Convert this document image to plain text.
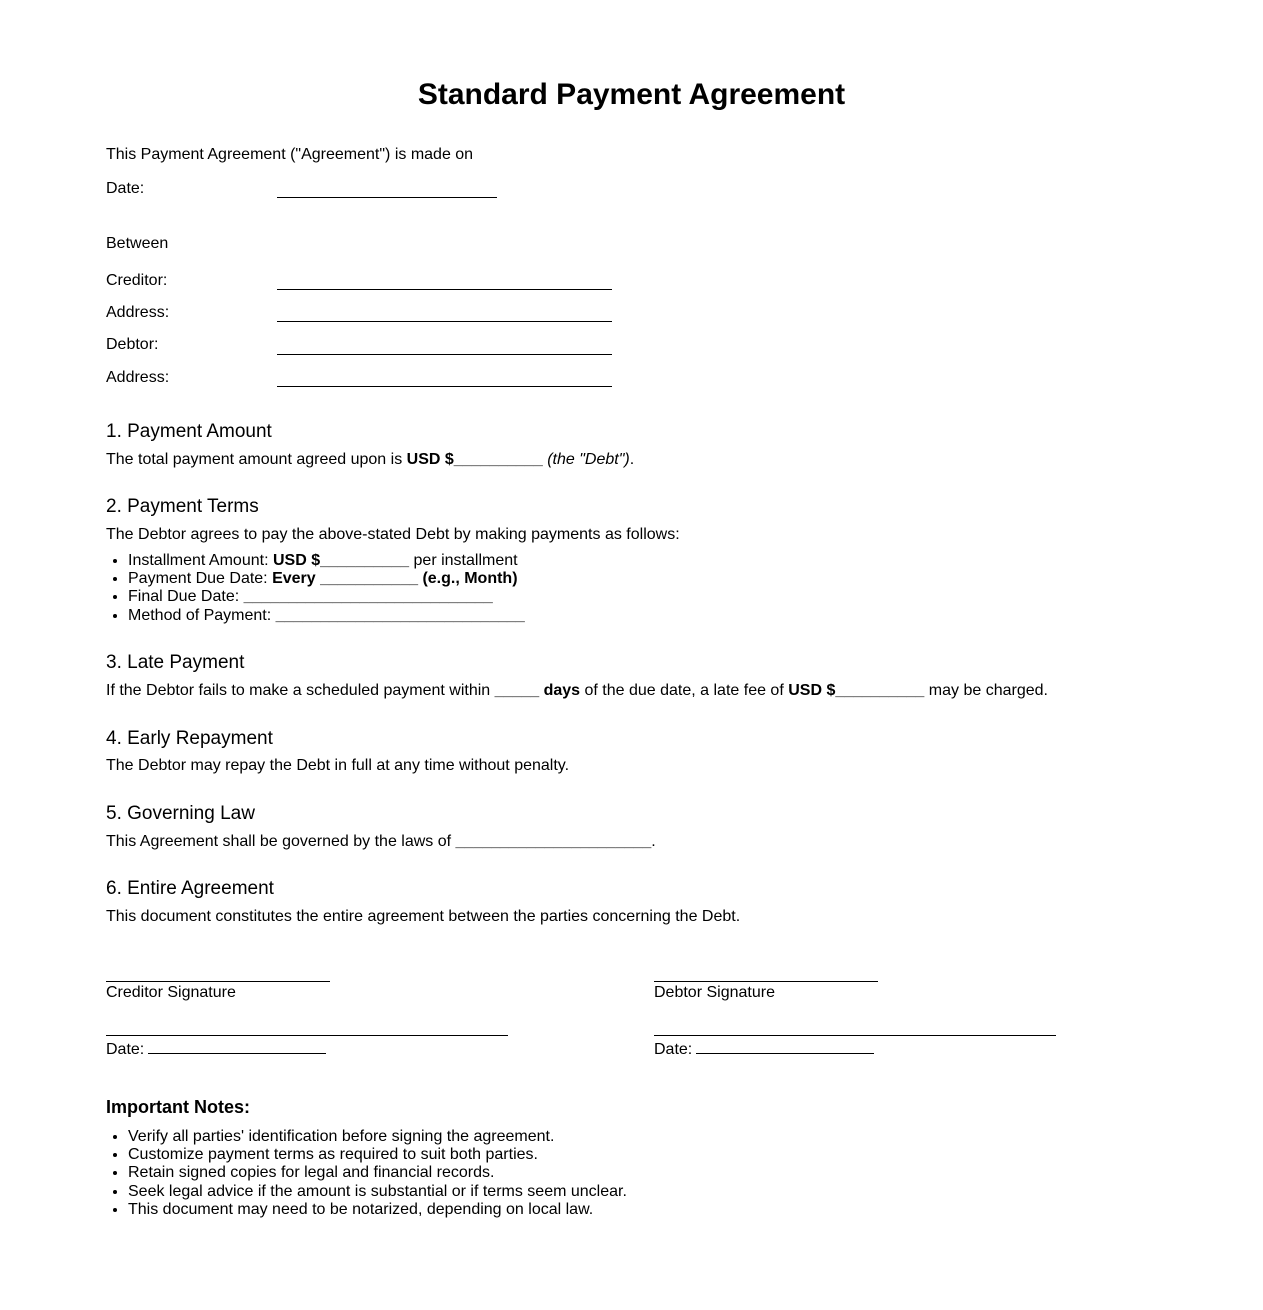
Standard Payment Agreement

This Payment Agreement ("Agreement") is made on

Date:

Between

Creditor:
Address:
Debtor:
Address:
1. Payment Amount

The total payment amount agreed upon is USD $__________ (the "Debt").

2. Payment Terms

The Debtor agrees to pay the above-stated Debt by making payments as follows:

• Installment Amount: USD $__________ per installment
• Payment Due Date: Every ___________ (e.g., Month)
• Final Due Date: ____________________________
• Method of Payment: ____________________________
3. Late Payment

If the Debtor fails to make a scheduled payment within _____ days of the due date, a late fee of USD $__________ may be charged.

4. Early Repayment

The Debtor may repay the Debt in full at any time without penalty.

5. Governing Law

This Agreement shall be governed by the laws of ______________________.

6. Entire Agreement

This document constitutes the entire agreement between the parties concerning the Debt.

Creditor Signature
Date:
Debtor Signature
Date:
Important Notes:
• Verify all parties' identification before signing the agreement.
• Customize payment terms as required to suit both parties.
• Retain signed copies for legal and financial records.
• Seek legal advice if the amount is substantial or if terms seem unclear.
• This document may need to be notarized, depending on local law.
